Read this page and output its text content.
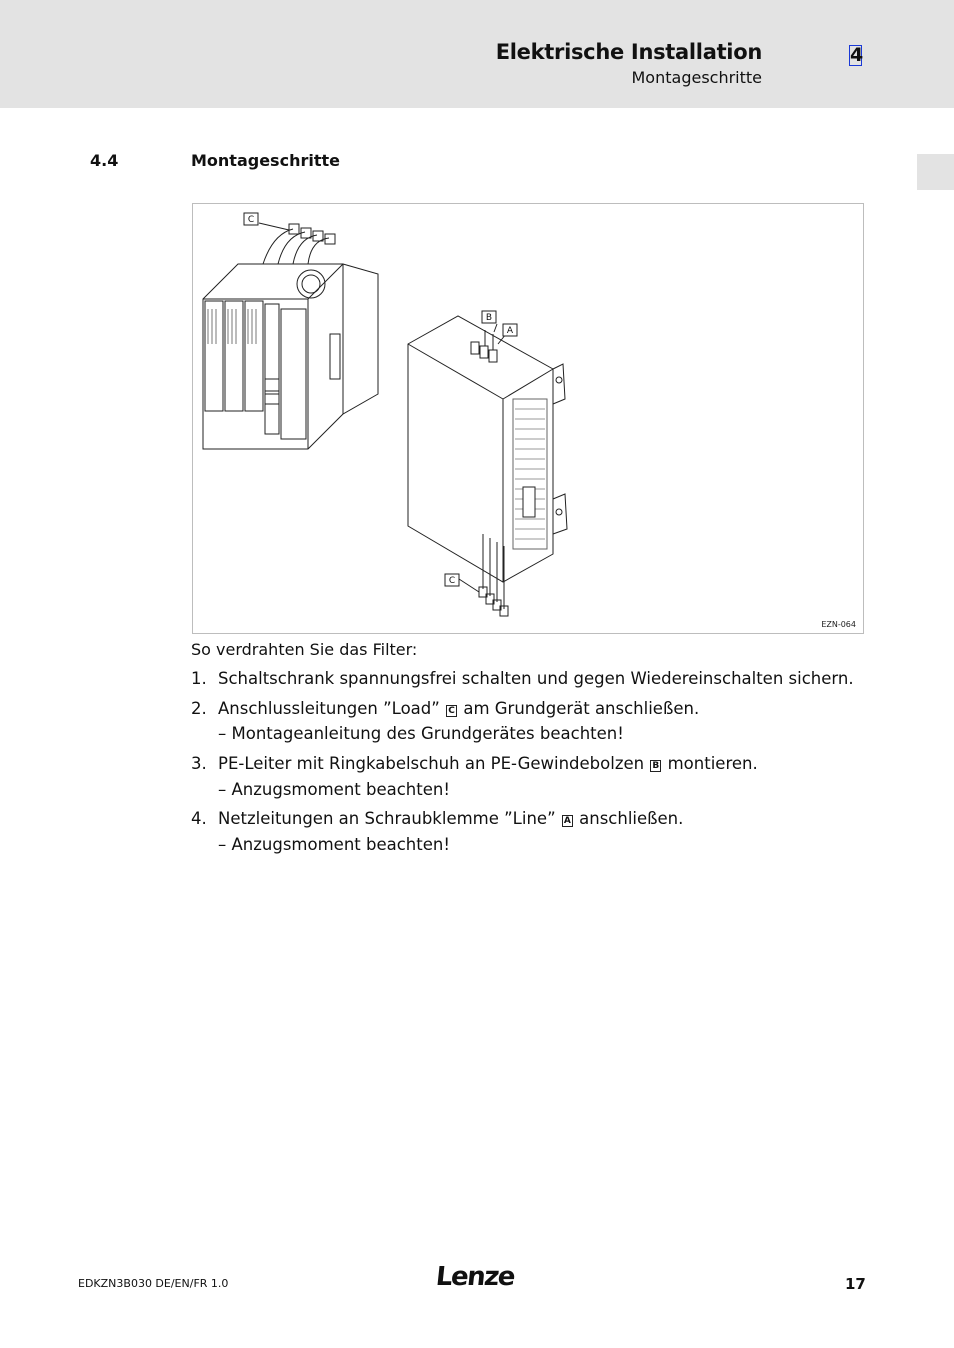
Elektrische Installation
Montageschritte
4
4.4	Montageschritte
C
B
A
C
EZN-064
So verdrahten Sie das Filter:
1. Schaltschrank spannungsfrei schalten und gegen Wiedereinschalten sichern.
2. Anschlussleitungen ”Load” C am Grundgerät anschließen.
– Montageanleitung des Grundgerätes beachten!
3. PE-Leiter mit Ringkabelschuh an PE-Gewindebolzen B montieren.
– Anzugsmoment beachten!
4. Netzleitungen an Schraubklemme ”Line” A anschließen.
– Anzugsmoment beachten!
EDKZN3B030 DE/EN/FR 1.0	Lenze	17
